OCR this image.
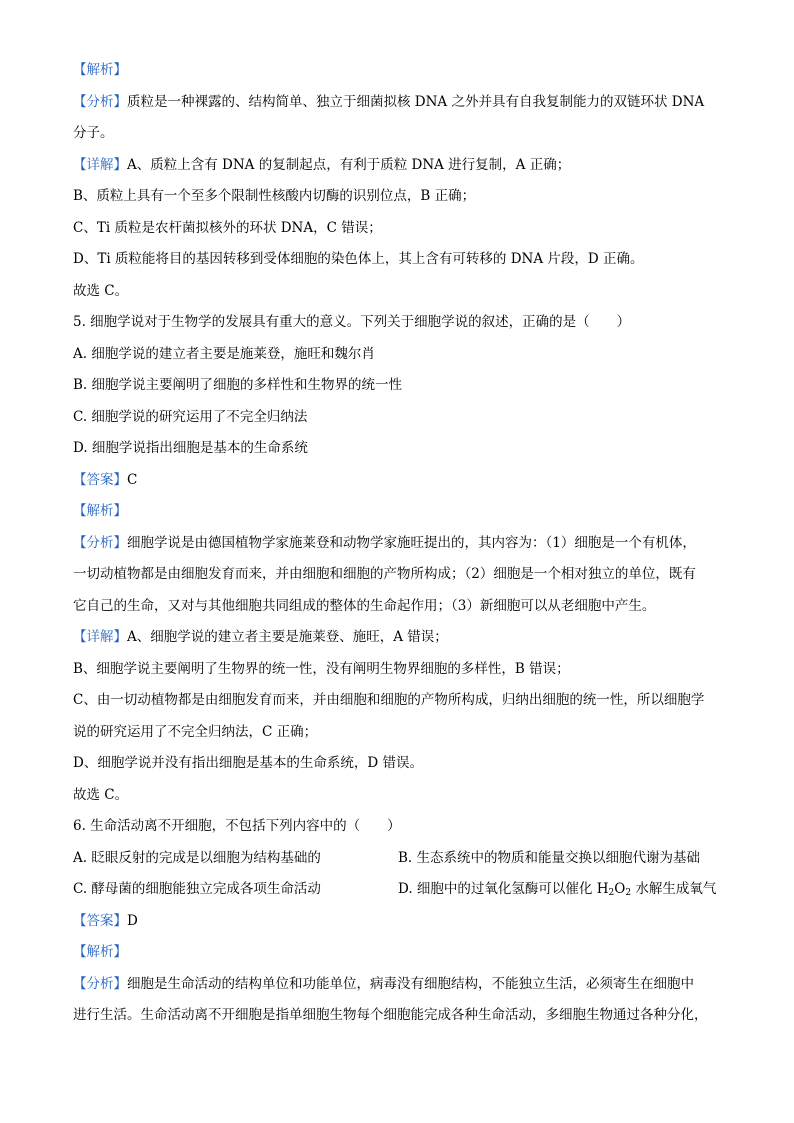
【解析】
【分析】质粒是一种裸露的、结构简单、独立于细菌拟核 DNA 之外并具有自我复制能力的双链环状 DNA
分子。
【详解】A、质粒上含有 DNA 的复制起点，有利于质粒 DNA 进行复制，A 正确；
B、质粒上具有一个至多个限制性核酸内切酶的识别位点，B 正确；
C、Ti 质粒是农杆菌拟核外的环状 DNA，C 错误；
D、Ti 质粒能将目的基因转移到受体细胞的染色体上，其上含有可转移的 DNA 片段，D 正确。
故选 C。
5. 细胞学说对于生物学的发展具有重大的意义。下列关于细胞学说的叙述，正确的是（　　）
A. 细胞学说的建立者主要是施莱登，施旺和魏尔肖
B. 细胞学说主要阐明了细胞的多样性和生物界的统一性
C. 细胞学说的研究运用了不完全归纳法
D. 细胞学说指出细胞是基本的生命系统
【答案】C
【解析】
【分析】细胞学说是由德国植物学家施莱登和动物学家施旺提出的，其内容为：（1）细胞是一个有机体，
一切动植物都是由细胞发育而来，并由细胞和细胞的产物所构成；（2）细胞是一个相对独立的单位，既有
它自己的生命，又对与其他细胞共同组成的整体的生命起作用；（3）新细胞可以从老细胞中产生。
【详解】A、细胞学说的建立者主要是施莱登、施旺，A 错误；
B、细胞学说主要阐明了生物界的统一性，没有阐明生物界细胞的多样性，B 错误；
C、由一切动植物都是由细胞发育而来，并由细胞和细胞的产物所构成，归纳出细胞的统一性，所以细胞学
说的研究运用了不完全归纳法，C 正确；
D、细胞学说并没有指出细胞是基本的生命系统，D 错误。
故选 C。
6. 生命活动离不开细胞，不包括下列内容中的（　　）
A. 眨眼反射的完成是以细胞为结构基础的	B. 生态系统中的物质和能量交换以细胞代谢为基础
C. 酵母菌的细胞能独立完成各项生命活动	D. 细胞中的过氧化氢酶可以催化 $H_2O_2$ 水解生成氧气
【答案】D
【解析】
【分析】细胞是生命活动的结构单位和功能单位，病毒没有细胞结构，不能独立生活，必须寄生在细胞中
进行生活。生命活动离不开细胞是指单细胞生物每个细胞能完成各种生命活动，多细胞生物通过各种分化，
